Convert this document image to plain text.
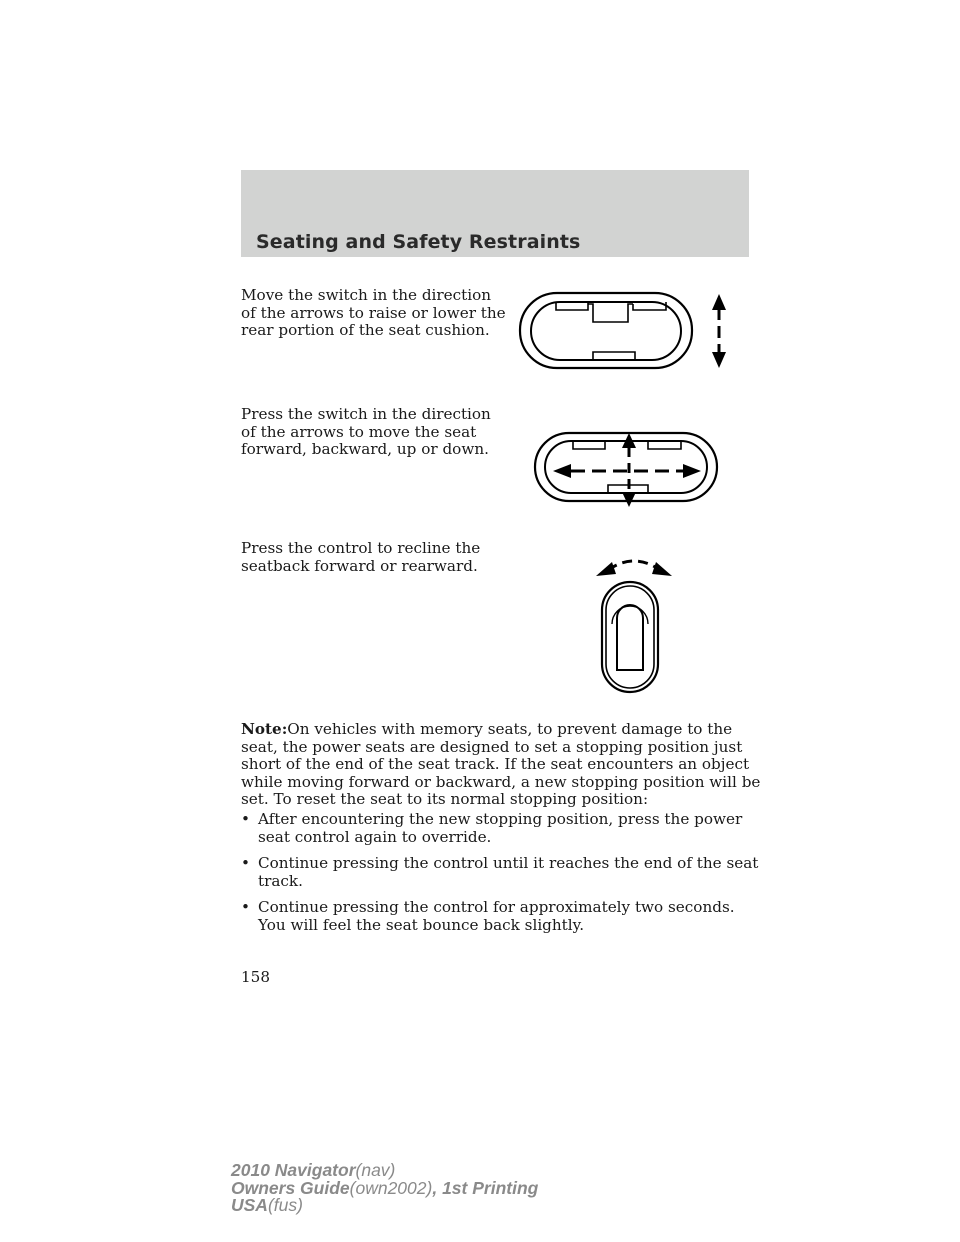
Seating and Safety Restraints

Move the switch in the direction of the arrows to raise or lower the rear portion of the seat cushion.

Press the switch in the direction of the arrows to move the seat forward, backward, up or down.

Press the control to recline the seatback forward or rearward.

Note:On vehicles with memory seats, to prevent damage to the seat, the power seats are designed to set a stopping position just short of the end of the seat track. If the seat encounters an object while moving forward or backward, a new stopping position will be set. To reset the seat to its normal stopping position:

• After encountering the new stopping position, press the power seat control again to override.
• Continue pressing the control until it reaches the end of the seat track.
• Continue pressing the control for approximately two seconds. You will feel the seat bounce back slightly.

158

2010 Navigator(nav)
Owners Guide(own2002), 1st Printing
USA(fus)
